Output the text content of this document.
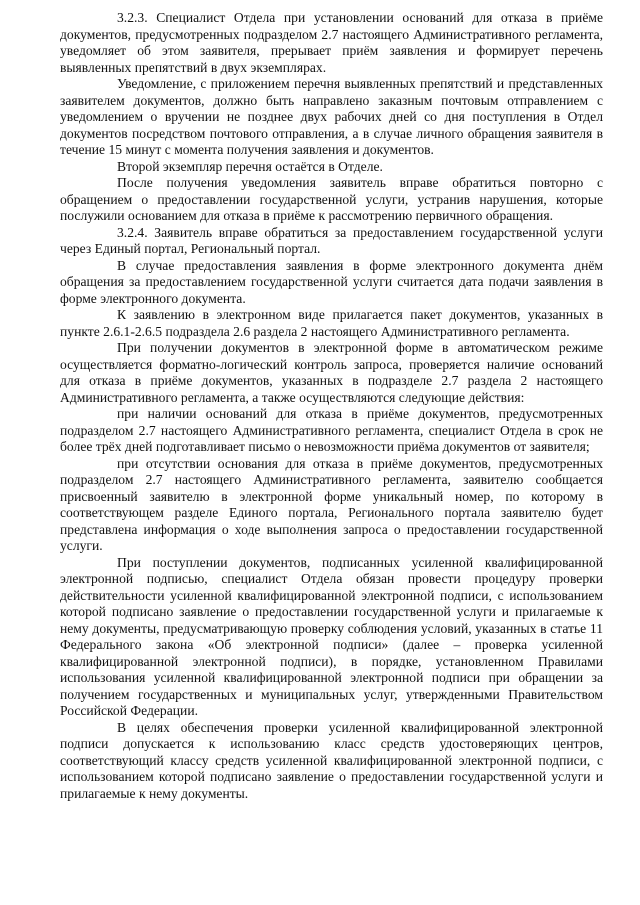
3.2.3. Специалист Отдела при установлении оснований для отказа в приёме документов, предусмотренных подразделом 2.7 настоящего Административного регламента, уведомляет об этом заявителя, прерывает приём заявления и формирует перечень выявленных препятствий в двух экземплярах.

Уведомление, с приложением перечня выявленных препятствий и представленных заявителем документов, должно быть направлено заказным почтовым отправлением с уведомлением о вручении не позднее двух рабочих дней со дня поступления в Отдел документов посредством почтового отправления, а в случае личного обращения заявителя в течение 15 минут с момента получения заявления и документов.

Второй экземпляр перечня остаётся в Отделе.

После получения уведомления заявитель вправе обратиться повторно с обращением о предоставлении государственной услуги, устранив нарушения, которые послужили основанием для отказа в приёме к рассмотрению первичного обращения.

3.2.4. Заявитель вправе обратиться за предоставлением государственной услуги через Единый портал, Региональный портал.

В случае предоставления заявления в форме электронного документа днём обращения за предоставлением государственной услуги считается дата подачи заявления в форме электронного документа.

К заявлению в электронном виде прилагается пакет документов, указанных в пункте 2.6.1-2.6.5 подраздела 2.6 раздела 2 настоящего Административного регламента.

При получении документов в электронной форме в автоматическом режиме осуществляется форматно-логический контроль запроса, проверяется наличие оснований для отказа в приёме документов, указанных в подразделе 2.7 раздела 2 настоящего Административного регламента, а также осуществляются следующие действия:

при наличии оснований для отказа в приёме документов, предусмотренных подразделом 2.7 настоящего Административного регламента, специалист Отдела в срок не более трёх дней подготавливает письмо о невозможности приёма документов от заявителя;

при отсутствии основания для отказа в приёме документов, предусмотренных подразделом 2.7 настоящего Административного регламента, заявителю сообщается присвоенный заявителю в электронной форме уникальный номер, по которому в соответствующем разделе Единого портала, Регионального портала заявителю будет представлена информация о ходе выполнения запроса о предоставлении государственной услуги.

При поступлении документов, подписанных усиленной квалифицированной электронной подписью, специалист Отдела обязан провести процедуру проверки действительности усиленной квалифицированной электронной подписи, с использованием которой подписано заявление о предоставлении государственной услуги и прилагаемые к нему документы, предусматривающую проверку соблюдения условий, указанных в статье 11 Федерального закона «Об электронной подписи» (далее – проверка усиленной квалифицированной электронной подписи), в порядке, установленном Правилами использования усиленной квалифицированной электронной подписи при обращении за получением государственных и муниципальных услуг, утвержденными Правительством Российской Федерации.

В целях обеспечения проверки усиленной квалифицированной электронной подписи допускается к использованию класс средств удостоверяющих центров, соответствующий классу средств усиленной квалифицированной электронной подписи, с использованием которой подписано заявление о предоставлении государственной услуги и прилагаемые к нему документы.
